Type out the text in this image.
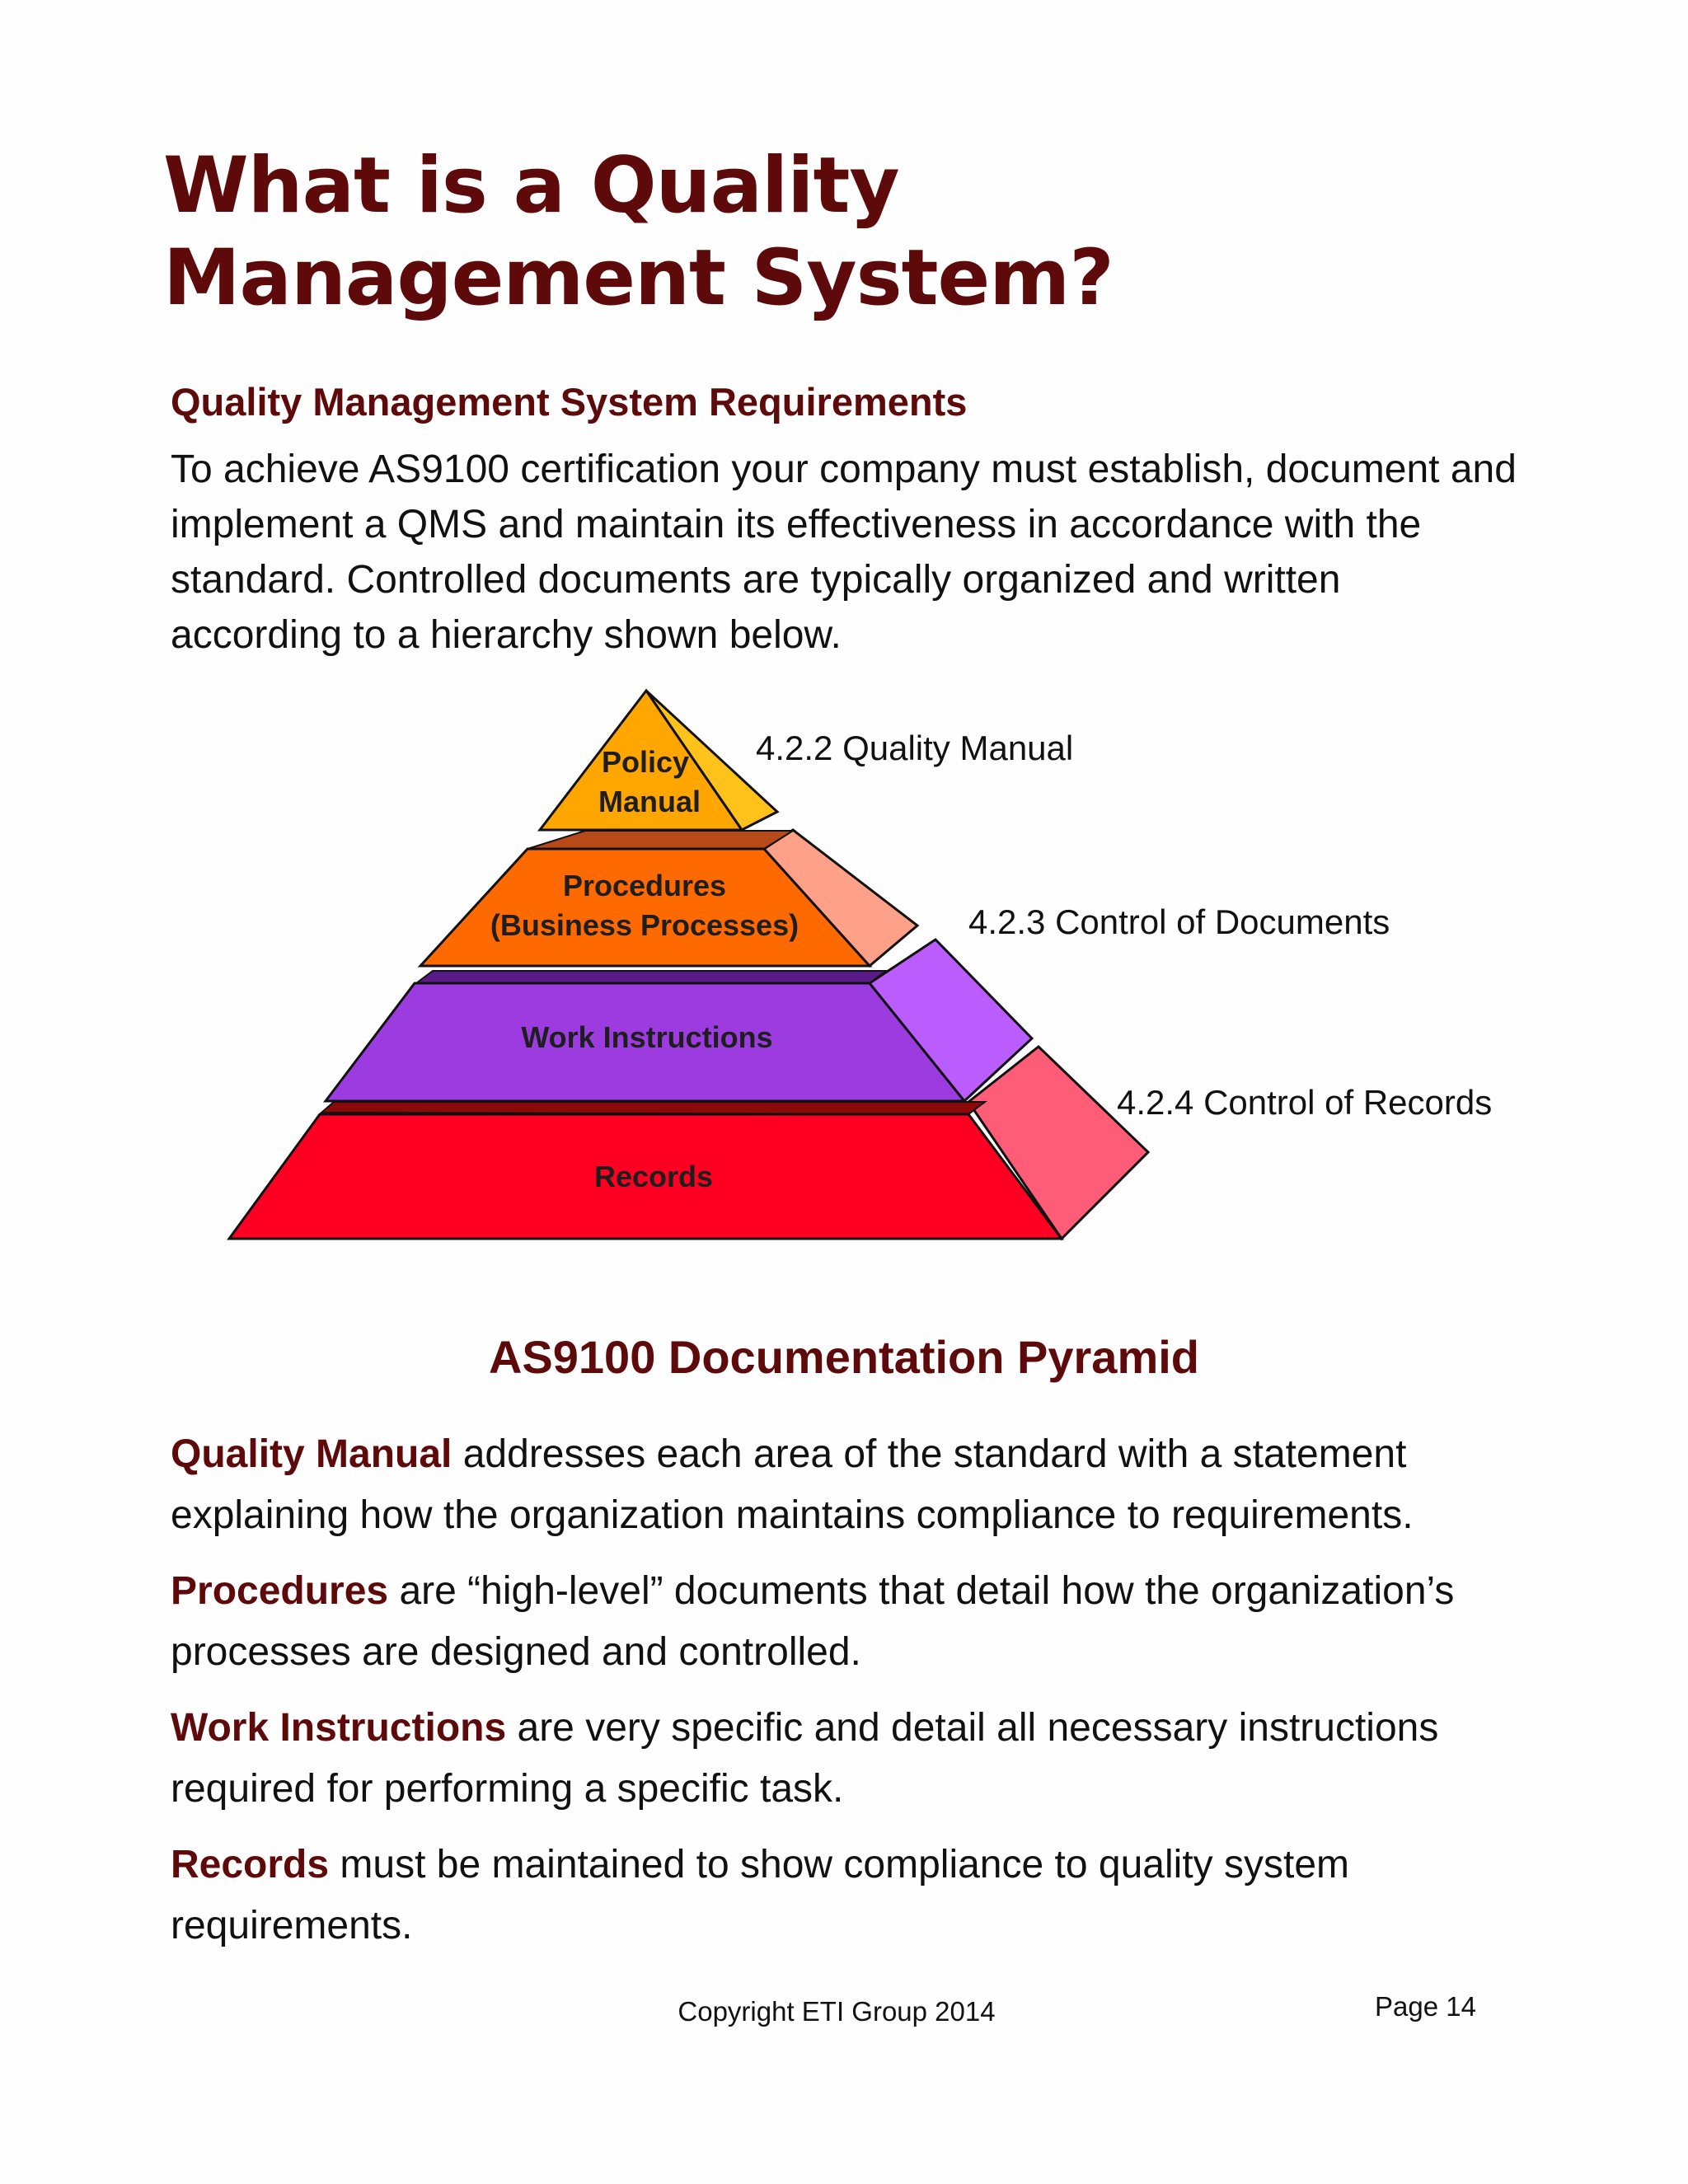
What is a Quality
Management System?
Quality Management System Requirements

To achieve AS9100 certification your company must establish, document and implement a QMS and maintain its effectiveness in accordance with the standard. Controlled documents are typically organized and written according to a hierarchy shown below.

Policy
Manual
Procedures
(Business Processes)
Work Instructions
Records
4.2.2 Quality Manual
4.2.3 Control of Documents
4.2.4 Control of Records

AS9100 Documentation Pyramid

Quality Manual addresses each area of the standard with a statement explaining how the organization maintains compliance to requirements.

Procedures are “high-level” documents that detail how the organization’s processes are designed and controlled.

Work Instructions are very specific and detail all necessary instructions required for performing a specific task.

Records must be maintained to show compliance to quality system requirements.

Copyright ETI Group 2014	Page 14
